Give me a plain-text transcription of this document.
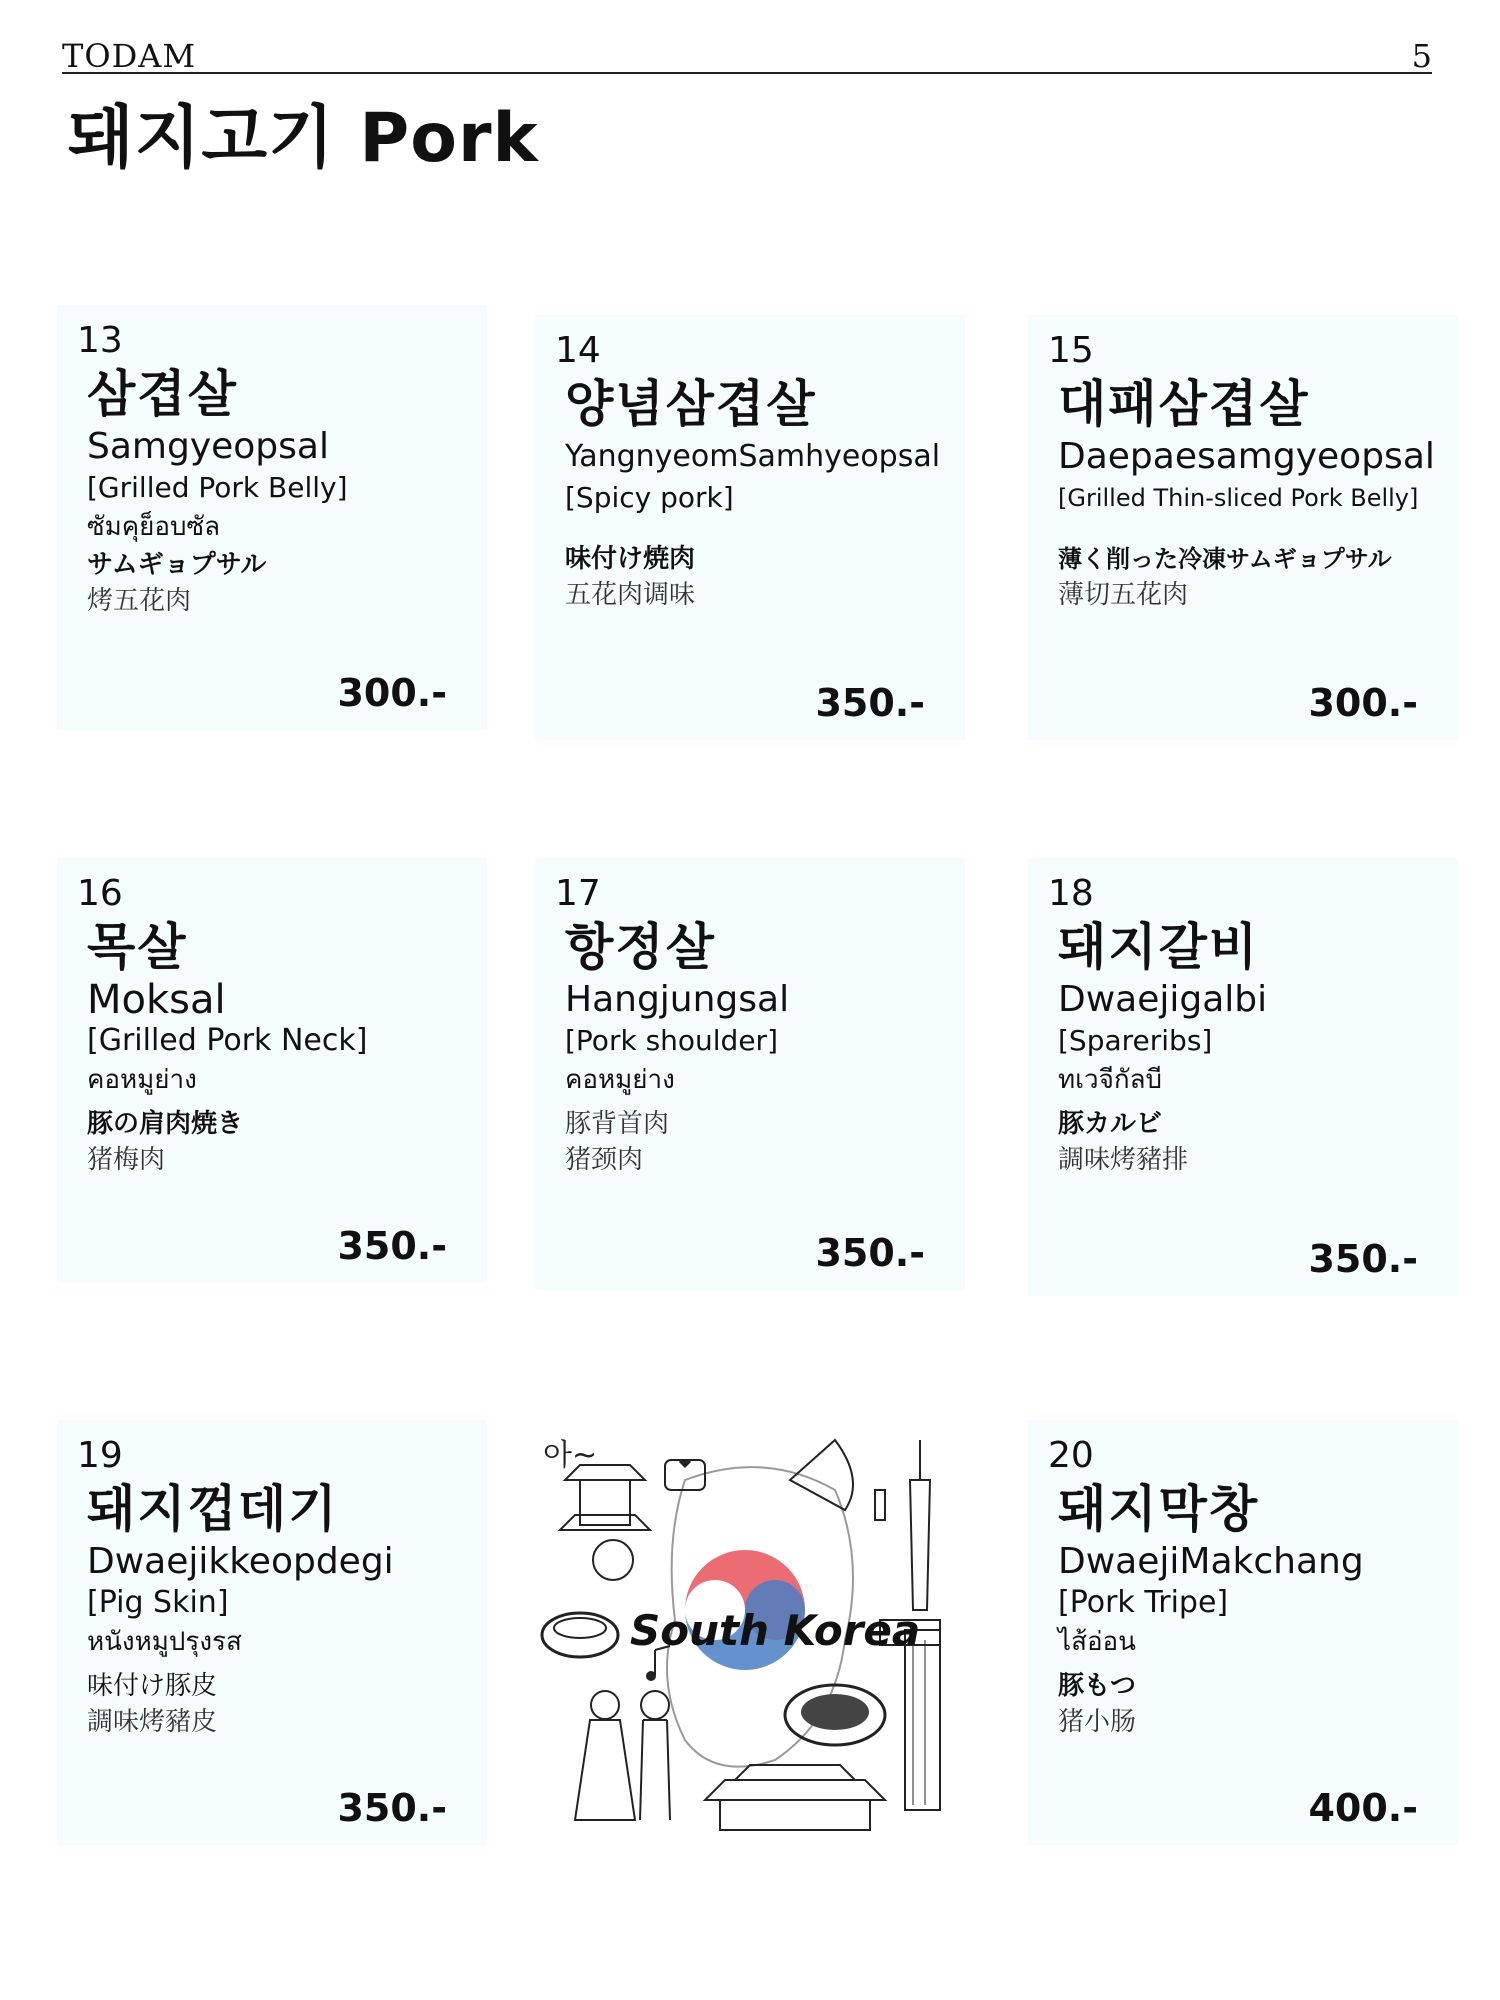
TODAM	5
돼지고기 Pork
13
삼겹살
Samgyeopsal
[Grilled Pork Belly]
ซัมคุย็อบซัล
サムギョプサル
烤五花肉
300.-
14
양념삼겹살
YangnyeomSamhyeopsal
[Spicy pork]
味付け焼肉
五花肉调味
350.-
15
대패삼겹살
Daepaesamgyeopsal
[Grilled Thin-sliced Pork Belly]
薄く削った冷凍サムギョプサル
薄切五花肉
300.-
16
목살
Moksal
[Grilled Pork Neck]
คอหมูย่าง
豚の肩肉焼き
猪梅肉
350.-
17
항정살
Hangjungsal
[Pork shoulder]
คอหมูย่าง
豚背首肉
猪颈肉
350.-
18
돼지갈비
Dwaejigalbi
[Spareribs]
ทเวจีกัลบี
豚カルビ
調味烤豬排
350.-
19
돼지껍데기
Dwaejikkeopdegi
[Pig Skin]
หนังหมูปรุงรส
味付け豚皮
調味烤豬皮
350.-
아~
South Korea
20
돼지막창
DwaejiMakchang
[Pork Tripe]
ไส้อ่อน
豚もつ
猪小肠
400.-
